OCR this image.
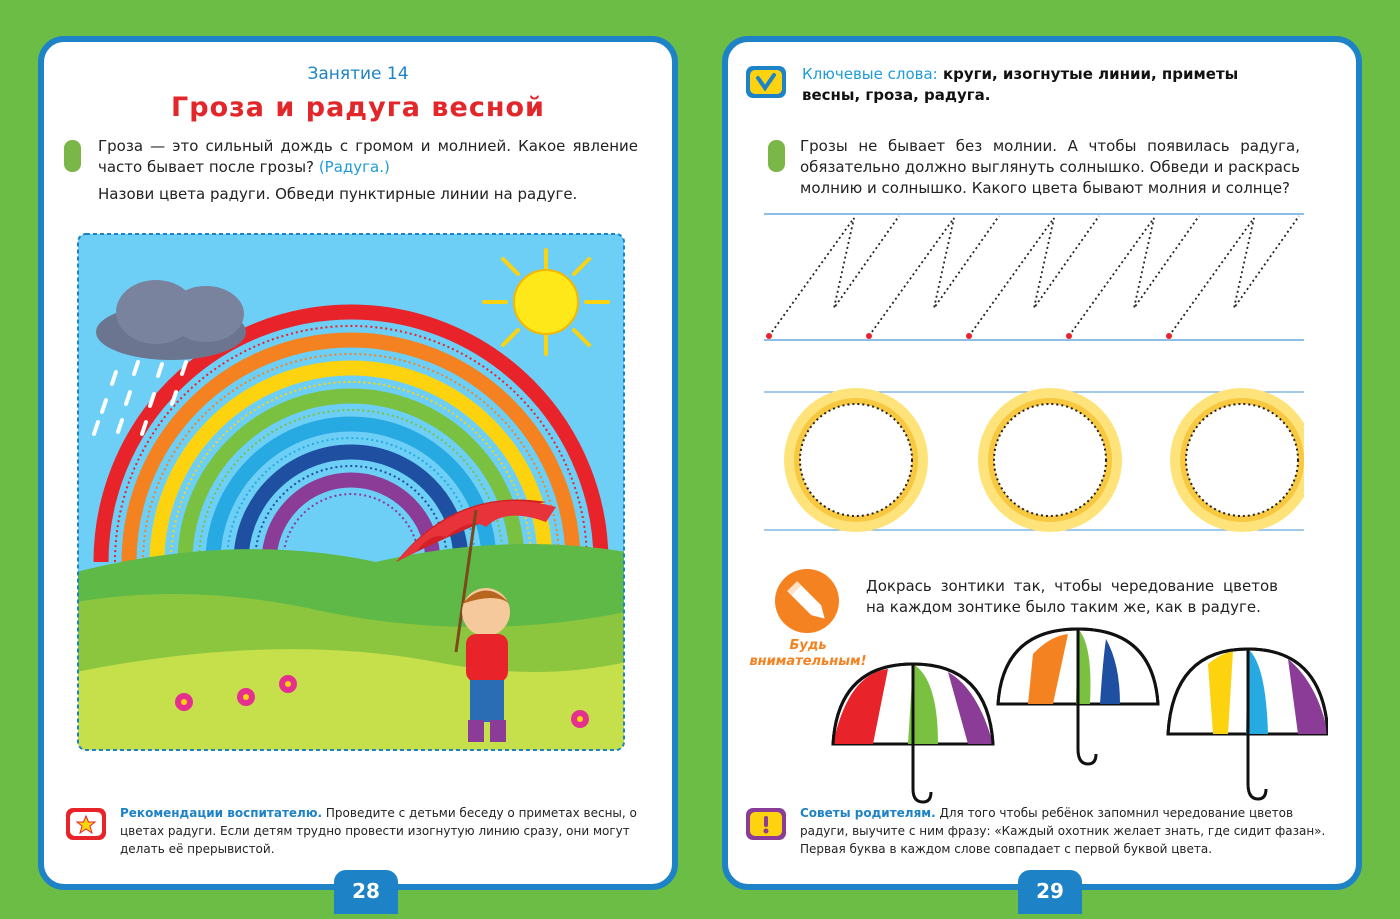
Занятие 14
Гроза и радуга весной
Гроза — это сильный дождь с громом и молнией. Какое явление часто бывает после грозы? (Радуга.)
Назови цвета радуги. Обведи пунктирные линии на радуге.
Рекомендации воспитателю. Проведите с детьми беседу о приметах весны, о цветах радуги. Если детям трудно провести изогнутую линию сразу, они могут делать её прерывистой.
28
Ключевые слова: круги, изогнутые линии, приметы весны, гроза, радуга.
Грозы не бывает без молнии. А чтобы появилась радуга, обязательно должно выглянуть солнышко. Обведи и раскрась молнию и солнышко. Какого цвета бывают молния и солнце?
Будь
внимательным!
Докрась зонтики так, чтобы чередование цветов на каждом зонтике было таким же, как в радуге.
Советы родителям. Для того чтобы ребёнок запомнил чередование цветов радуги, выучите с ним фразу: «Каждый охотник желает знать, где сидит фазан». Первая буква в каждом слове совпадает с первой буквой цвета.
29
